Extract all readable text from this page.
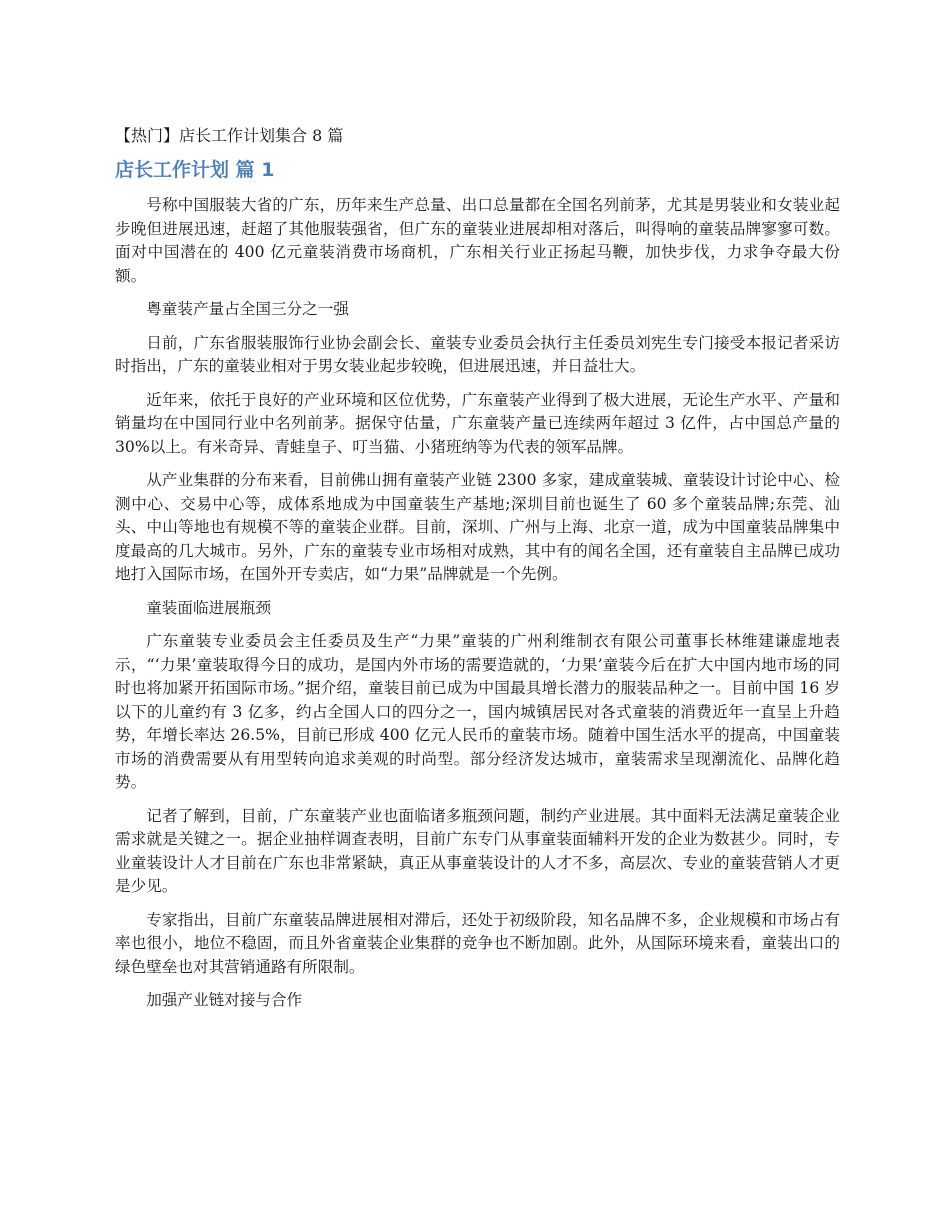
【热门】店长工作计划集合 8 篇
店长工作计划 篇 1

号称中国服装大省的广东，历年来生产总量、出口总量都在全国名列前茅，尤其是男装业和女装业起步晚但进展迅速，赶超了其他服装强省，但广东的童装业进展却相对落后，叫得响的童装品牌寥寥可数。面对中国潜在的 400 亿元童装消费市场商机，广东相关行业正扬起马鞭，加快步伐，力求争夺最大份额。

粤童装产量占全国三分之一强

日前，广东省服装服饰行业协会副会长、童装专业委员会执行主任委员刘宪生专门接受本报记者采访时指出，广东的童装业相对于男女装业起步较晚，但进展迅速，并日益壮大。

近年来，依托于良好的产业环境和区位优势，广东童装产业得到了极大进展，无论生产水平、产量和销量均在中国同行业中名列前茅。据保守估量，广东童装产量已连续两年超过 3 亿件，占中国总产量的 30%以上。有米奇异、青蛙皇子、叮当猫、小猪班纳等为代表的领军品牌。

从产业集群的分布来看，目前佛山拥有童装产业链 2300 多家，建成童装城、童装设计讨论中心、检测中心、交易中心等，成体系地成为中国童装生产基地;深圳目前也诞生了 60 多个童装品牌;东莞、汕头、中山等地也有规模不等的童装企业群。目前，深圳、广州与上海、北京一道，成为中国童装品牌集中度最高的几大城市。另外，广东的童装专业市场相对成熟，其中有的闻名全国，还有童装自主品牌已成功地打入国际市场，在国外开专卖店，如“力果”品牌就是一个先例。

童装面临进展瓶颈

广东童装专业委员会主任委员及生产“力果”童装的广州利维制衣有限公司董事长林维建谦虚地表示，“‘力果’童装取得今日的成功，是国内外市场的需要造就的，‘力果’童装今后在扩大中国内地市场的同时也将加紧开拓国际市场。”据介绍，童装目前已成为中国最具增长潜力的服装品种之一。目前中国 16 岁以下的儿童约有 3 亿多，约占全国人口的四分之一，国内城镇居民对各式童装的消费近年一直呈上升趋势，年增长率达 26.5%，目前已形成 400 亿元人民币的童装市场。随着中国生活水平的提高，中国童装市场的消费需要从有用型转向追求美观的时尚型。部分经济发达城市，童装需求呈现潮流化、品牌化趋势。

记者了解到，目前，广东童装产业也面临诸多瓶颈问题，制约产业进展。其中面料无法满足童装企业需求就是关键之一。据企业抽样调查表明，目前广东专门从事童装面辅料开发的企业为数甚少。同时，专业童装设计人才目前在广东也非常紧缺，真正从事童装设计的人才不多，高层次、专业的童装营销人才更是少见。

专家指出，目前广东童装品牌进展相对滞后，还处于初级阶段，知名品牌不多，企业规模和市场占有率也很小，地位不稳固，而且外省童装企业集群的竞争也不断加剧。此外，从国际环境来看，童装出口的绿色壁垒也对其营销通路有所限制。

加强产业链对接与合作
